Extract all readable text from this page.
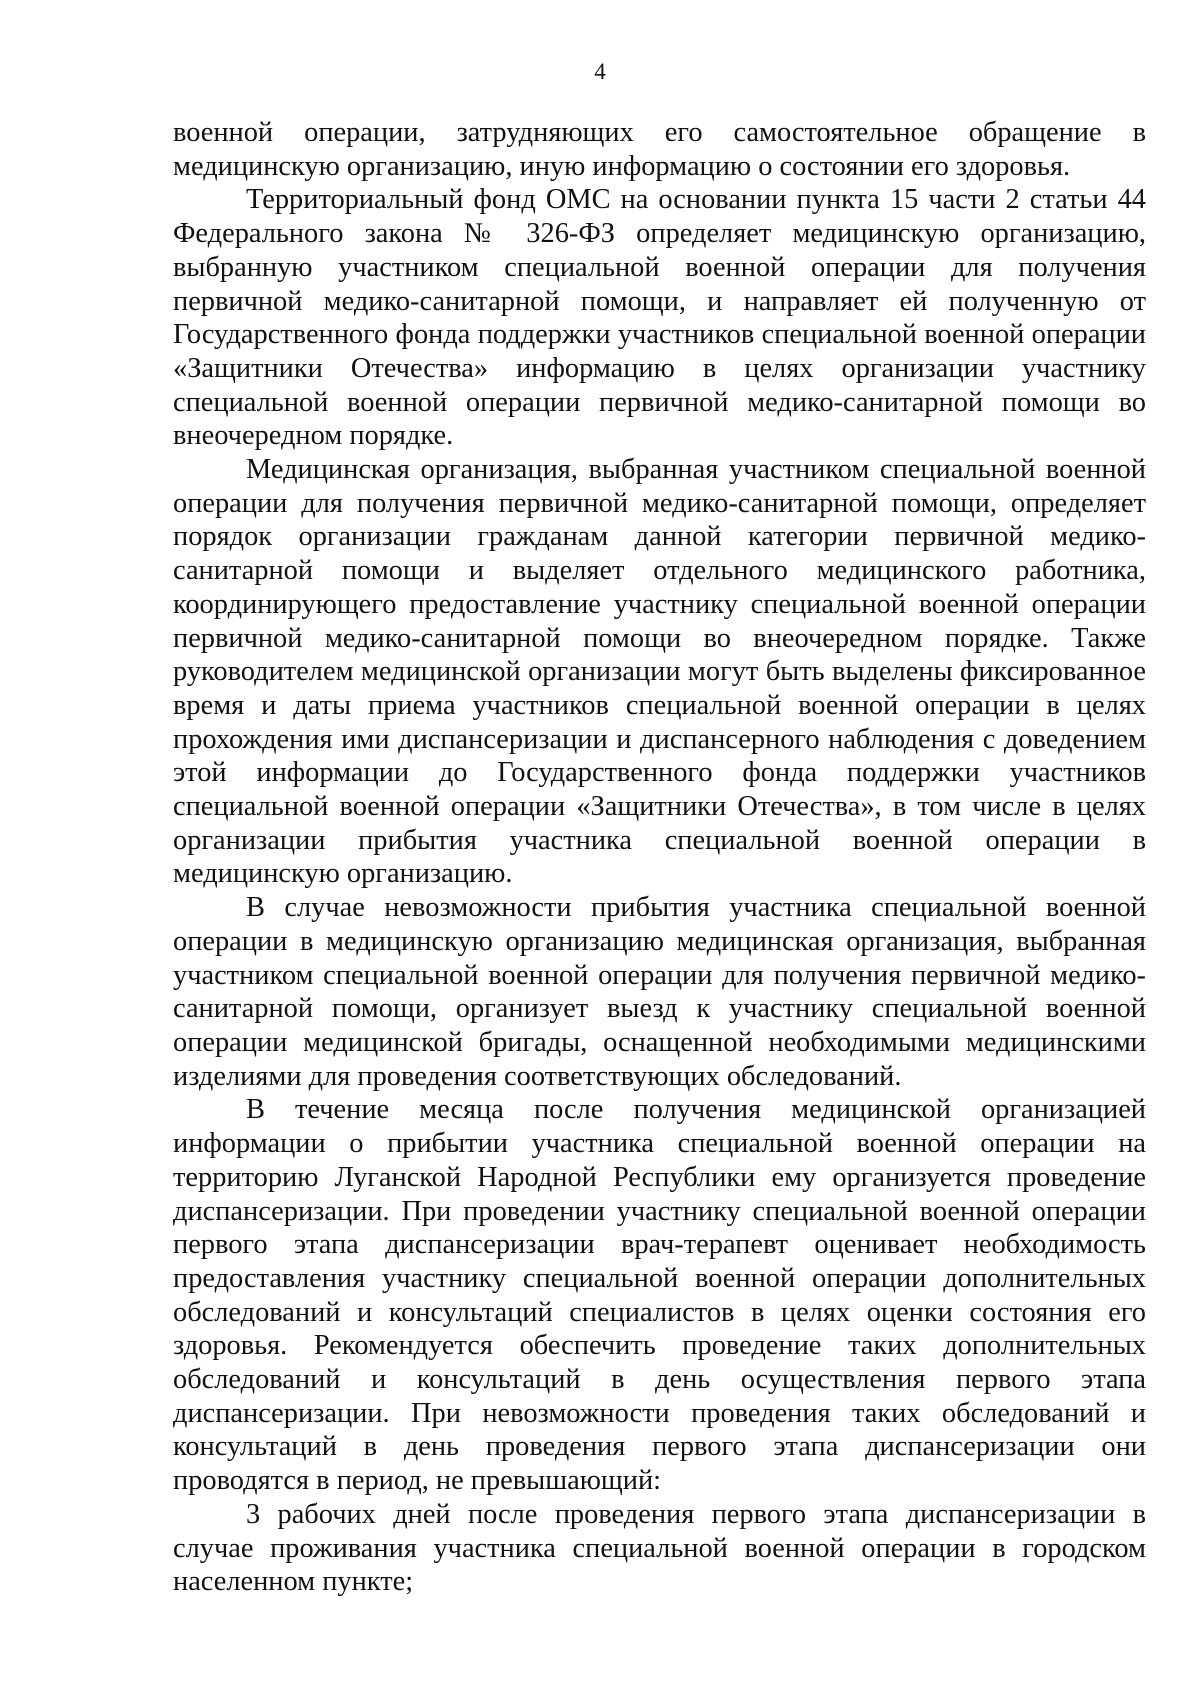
4

военной операции, затрудняющих его самостоятельное обращение в медицинскую организацию, иную информацию о состоянии его здоровья.

Территориальный фонд ОМС на основании пункта 15 части 2 статьи 44 Федерального закона № 326-ФЗ определяет медицинскую организацию, выбранную участником специальной военной операции для получения первичной медико-санитарной помощи, и направляет ей полученную от Государственного фонда поддержки участников специальной военной операции «Защитники Отечества» информацию в целях организации участнику специальной военной операции первичной медико-санитарной помощи во внеочередном порядке.

Медицинская организация, выбранная участником специальной военной операции для получения первичной медико-санитарной помощи, определяет порядок организации гражданам данной категории первичной медико-санитарной помощи и выделяет отдельного медицинского работника, координирующего предоставление участнику специальной военной операции первичной медико-санитарной помощи во внеочередном порядке. Также руководителем медицинской организации могут быть выделены фиксированное время и даты приема участников специальной военной операции в целях прохождения ими диспансеризации и диспансерного наблюдения с доведением этой информации до Государственного фонда поддержки участников специальной военной операции «Защитники Отечества», в том числе в целях организации прибытия участника специальной военной операции в медицинскую организацию.

В случае невозможности прибытия участника специальной военной операции в медицинскую организацию медицинская организация, выбранная участником специальной военной операции для получения первичной медико-санитарной помощи, организует выезд к участнику специальной военной операции медицинской бригады, оснащенной необходимыми медицинскими изделиями для проведения соответствующих обследований.

В течение месяца после получения медицинской организацией информации о прибытии участника специальной военной операции на территорию Луганской Народной Республики ему организуется проведение диспансеризации. При проведении участнику специальной военной операции первого этапа диспансеризации врач-терапевт оценивает необходимость предоставления участнику специальной военной операции дополнительных обследований и консультаций специалистов в целях оценки состояния его здоровья. Рекомендуется обеспечить проведение таких дополнительных обследований и консультаций в день осуществления первого этапа диспансеризации. При невозможности проведения таких обследований и консультаций в день проведения первого этапа диспансеризации они проводятся в период, не превышающий:

3 рабочих дней после проведения первого этапа диспансеризации в случае проживания участника специальной военной операции в городском населенном пункте;
